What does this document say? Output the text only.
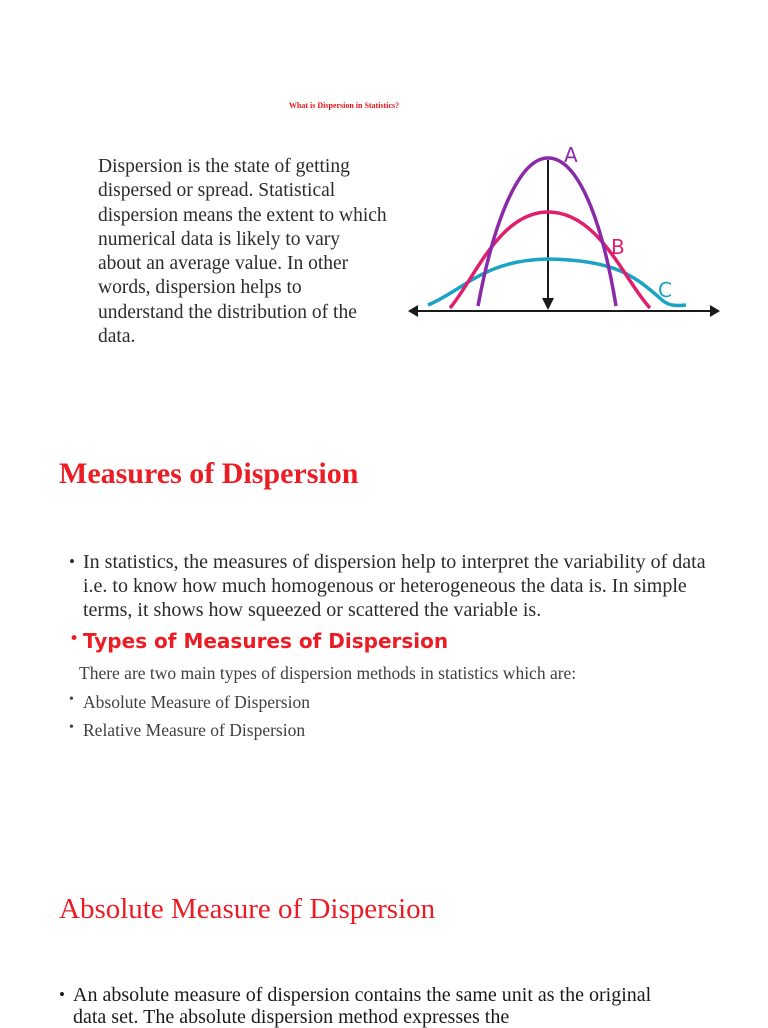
What is Dispersion in Statistics?
Dispersion is the state of getting dispersed or spread. Statistical dispersion means the extent to which numerical data is likely to vary about an average value. In other words, dispersion helps to understand the distribution of the data.
A
B
C
Measures of Dispersion
• In statistics, the measures of dispersion help to interpret the variability of data i.e. to know how much homogenous or heterogeneous the data is. In simple terms, it shows how squeezed or scattered the variable is.
• Types of Measures of Dispersion
There are two main types of dispersion methods in statistics which are:
• Absolute Measure of Dispersion
• Relative Measure of Dispersion
Absolute Measure of Dispersion
• An absolute measure of dispersion contains the same unit as the original data set. The absolute dispersion method expresses the
